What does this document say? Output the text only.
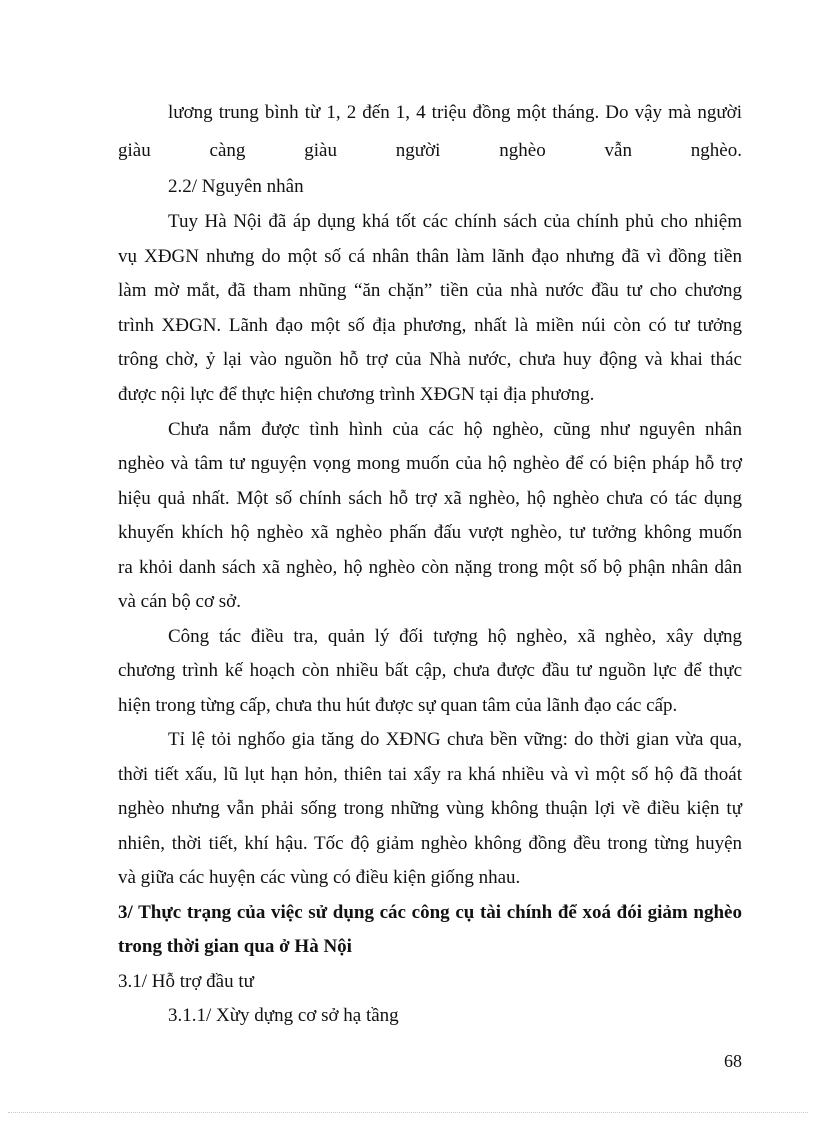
lương trung bình từ 1, 2 đến 1, 4 triệu đồng một tháng. Do vậy mà người
giàu càng giàu người nghèo vẫn nghèo.
2.2/ Nguyên nhân
Tuy Hà Nội đã áp dụng khá tốt các chính sách của chính phủ cho nhiệm
vụ XĐGN nhưng do một số cá nhân thân làm lãnh đạo nhưng đã vì đồng tiền
làm mờ mắt, đã tham nhũng “ăn chặn” tiền của nhà nước đầu tư cho chương
trình XĐGN. Lãnh đạo một số địa phương, nhất là miền núi còn có tư tưởng
trông chờ, ỷ lại vào nguồn hỗ trợ của Nhà nước, chưa huy động và khai thác
được nội lực để thực hiện chương trình XĐGN tại địa phương.
Chưa nắm được tình hình của các hộ nghèo, cũng như nguyên nhân
nghèo và tâm tư nguyện vọng mong muốn của hộ nghèo để có biện pháp hỗ trợ
hiệu quả nhất. Một số chính sách hỗ trợ xã nghèo, hộ nghèo chưa có tác dụng
khuyến khích hộ nghèo xã nghèo phấn đấu vượt nghèo, tư tưởng không muốn
ra khỏi danh sách xã nghèo, hộ nghèo còn nặng trong một số bộ phận nhân dân
và cán bộ cơ sở.
Công tác điều tra, quản lý đối tượng hộ nghèo, xã nghèo, xây dựng
chương trình kế hoạch còn nhiều bất cập, chưa được đầu tư nguồn lực để thực
hiện trong từng cấp, chưa thu hút được sự quan tâm của lãnh đạo các cấp.
Tỉ lệ tỏi nghốo gia tăng do XĐNG chưa bền vững: do thời gian vừa qua,
thời tiết xấu, lũ lụt hạn hỏn, thiên tai xẩy ra khá nhiều và vì một số hộ đã thoát
nghèo nhưng vẫn phải sống trong những vùng không thuận lợi về điều kiện tự
nhiên, thời tiết, khí hậu. Tốc độ giảm nghèo không đồng đều trong từng huyện
và giữa các huyện các vùng có điều kiện giống nhau.
3/ Thực trạng của việc sử dụng các công cụ tài chính để xoá đói giảm nghèo
trong thời gian qua ở Hà Nội
3.1/ Hỗ trợ đầu tư
3.1.1/ Xừy dựng cơ sở hạ tầng
68
